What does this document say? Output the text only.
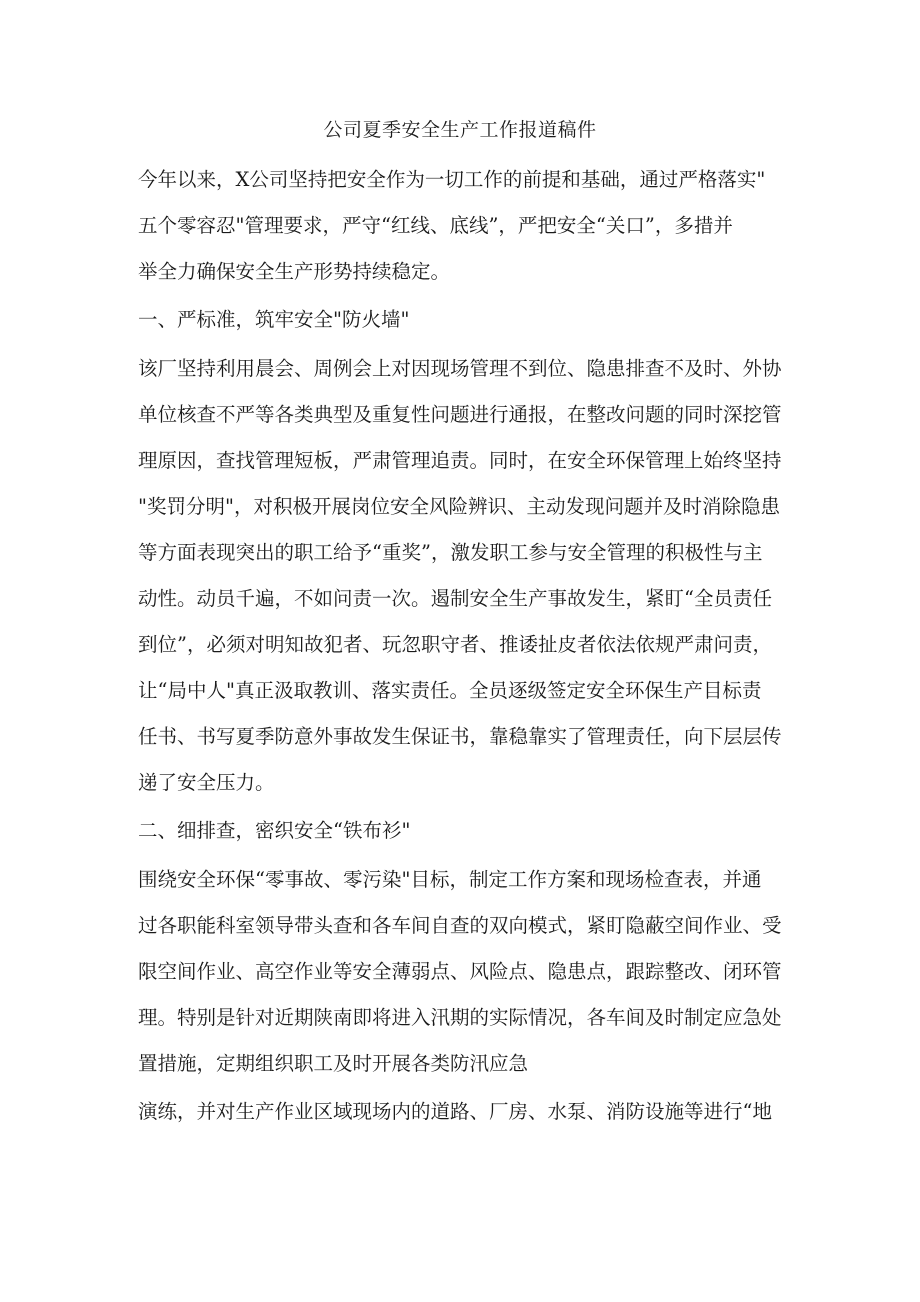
公司夏季安全生产工作报道稿件
今年以来，X公司坚持把安全作为一切工作的前提和基础，通过严格落实"
五个零容忍"管理要求，严守“红线、底线”，严把安全“关口”，多措并
举全力确保安全生产形势持续稳定。
一、严标准，筑牢安全"防火墙"
该厂坚持利用晨会、周例会上对因现场管理不到位、隐患排查不及时、外协
单位核查不严等各类典型及重复性问题进行通报，在整改问题的同时深挖管
理原因，查找管理短板，严肃管理追责。同时，在安全环保管理上始终坚持
"奖罚分明"，对积极开展岗位安全风险辨识、主动发现问题并及时消除隐患
等方面表现突出的职工给予“重奖”，激发职工参与安全管理的积极性与主
动性。动员千遍，不如问责一次。遏制安全生产事故发生，紧盯“全员责任
到位”，必须对明知故犯者、玩忽职守者、推诿扯皮者依法依规严肃问责，
让“局中人"真正汲取教训、落实责任。全员逐级签定安全环保生产目标责
任书、书写夏季防意外事故发生保证书，靠稳靠实了管理责任，向下层层传
递了安全压力。
二、细排查，密织安全“铁布衫"
围绕安全环保“零事故、零污染"目标，制定工作方案和现场检查表，并通
过各职能科室领导带头查和各车间自查的双向模式，紧盯隐蔽空间作业、受
限空间作业、高空作业等安全薄弱点、风险点、隐患点，跟踪整改、闭环管
理。特别是针对近期陕南即将进入汛期的实际情况，各车间及时制定应急处
置措施，定期组织职工及时开展各类防汛应急
演练，并对生产作业区域现场内的道路、厂房、水泵、消防设施等进行“地
